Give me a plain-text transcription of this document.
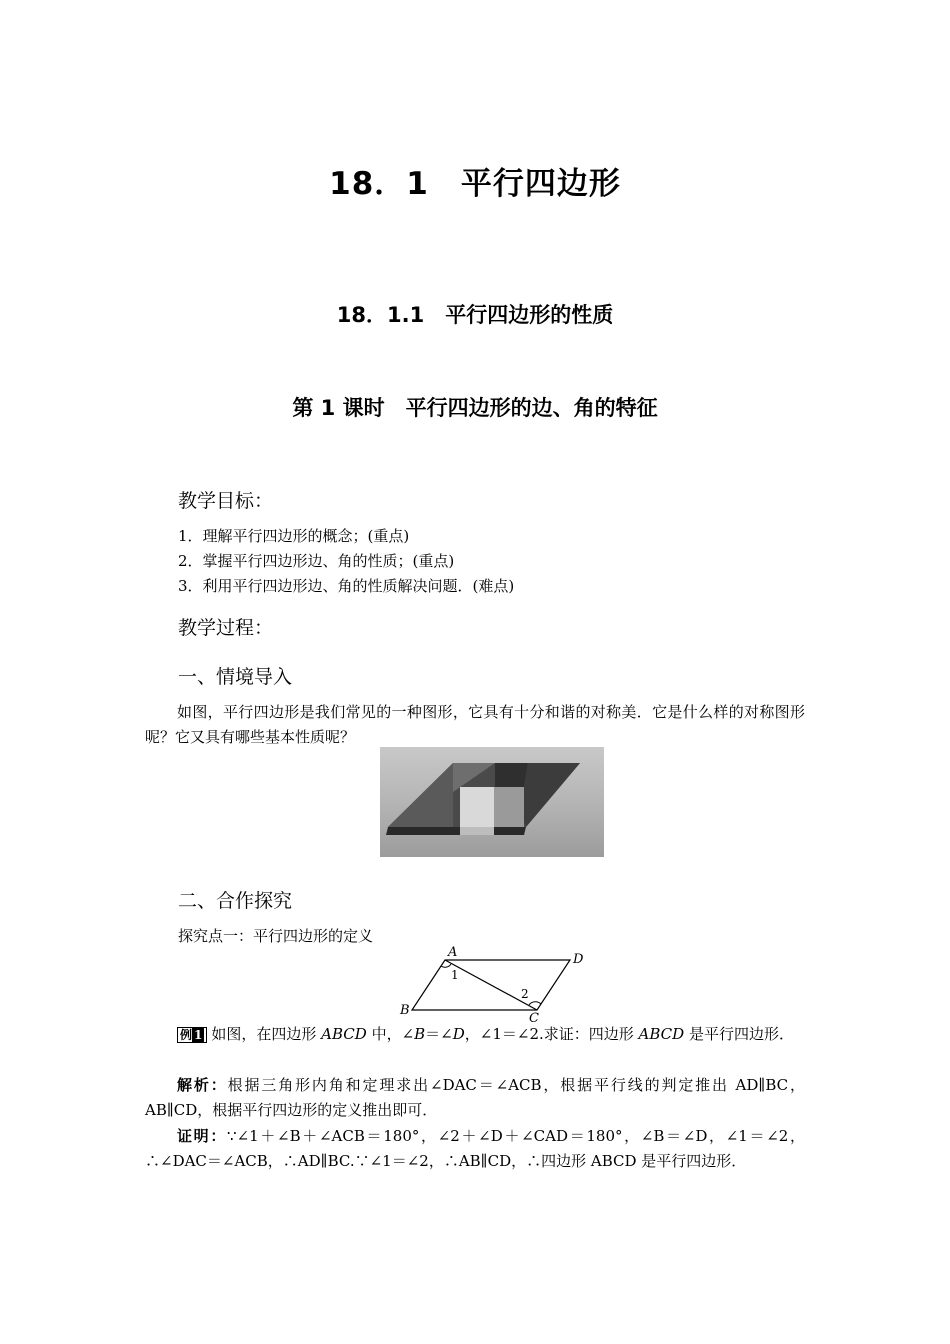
18．1　平行四边形
18．1.1　平行四边形的性质
第 1 课时　平行四边形的边、角的特征
教学目标：
1．理解平行四边形的概念；(重点)
2．掌握平行四边形边、角的性质；(重点)
3．利用平行四边形边、角的性质解决问题．(难点)
教学过程：
一、情境导入
如图，平行四边形是我们常见的一种图形，它具有十分和谐的对称美．它是什么样的对称图形呢？它又具有哪些基本性质呢？
二、合作探究
探究点一：平行四边形的定义
A	D
B
C
1
2
例 1 如图，在四边形 ABCD 中，∠B＝∠D，∠1＝∠2.求证：四边形 ABCD 是平行四边形．
解析：根据三角形内角和定理求出∠DAC＝∠ACB，根据平行线的判定推出 AD∥BC，AB∥CD，根据平行四边形的定义推出即可．
证明：∵∠1＋∠B＋∠ACB＝180°，∠2＋∠D＋∠CAD＝180°，∠B＝∠D，∠1＝∠2，∴∠DAC＝∠ACB，∴AD∥BC.∵∠1＝∠2，∴AB∥CD，∴四边形 ABCD 是平行四边形．
